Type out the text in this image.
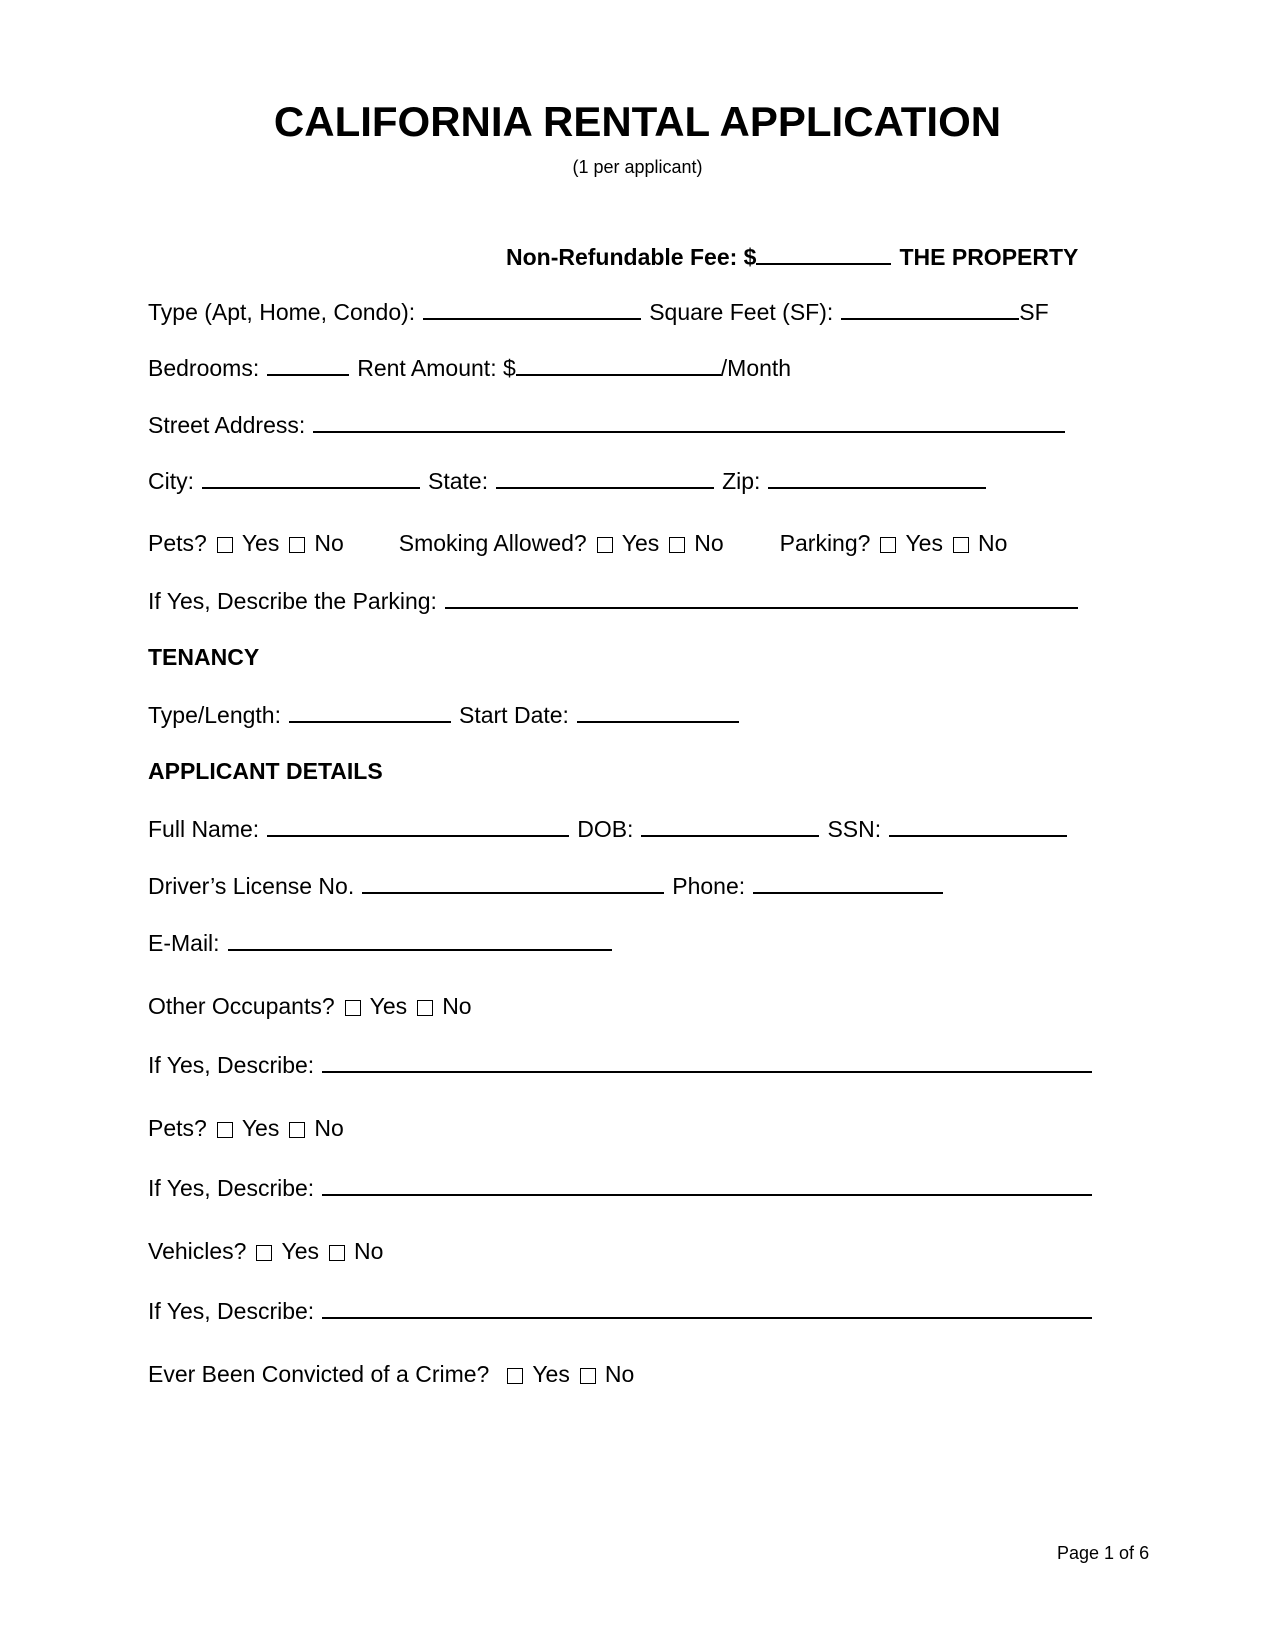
CALIFORNIA RENTAL APPLICATION
(1 per applicant)
Non-Refundable Fee: $	THE PROPERTY
Type (Apt, Home, Condo):	Square Feet (SF):	SF
Bedrooms:	Rent Amount: $	/Month
Street Address:
City:	State:	Zip:
Pets? Yes No Smoking Allowed? Yes No Parking? Yes No
If Yes, Describe the Parking:
TENANCY
Type/Length:	Start Date:
APPLICANT DETAILS
Full Name:	DOB:	SSN:
Driver’s License No.	Phone:
E-Mail:
Other Occupants? Yes No
If Yes, Describe:
Pets? Yes No
If Yes, Describe:
Vehicles? Yes No
If Yes, Describe:
Ever Been Convicted of a Crime? Yes No
Page 1 of 6
